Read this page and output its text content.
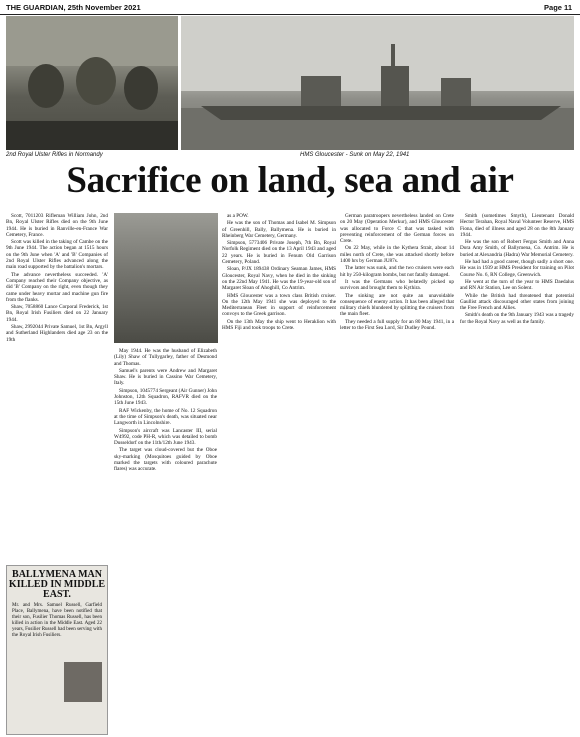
THE GUARDIAN, 25th November 2021	Page 11
2nd Royal Ulster Rifles in Normandy	HMS Gloucester - Sunk on May 22, 1941
Sacrifice on land, sea and air

Scott, 7011203 Rifleman William John, 2nd Bn, Royal Ulster Rifles died on the 9th June 1944. He is buried in Ranville-en-France War Cemetery, France.

Scott was killed in the taking of Cambe on the 9th June 1944. The action began at 1515 hours on the 9th June when 'A' and 'B' Companies of 2nd Royal Ulster Rifles advanced along the main road supported by the battalion's mortars.

The advance nevertheless succeeded. 'A' Company reached their Company objective, as did 'B' Company on the right, even though they came under heavy mortar and machine gun fire from the flanks.

Shaw, 7058860 Lance Corporal Frederick, 1st Bn, Royal Irish Fusiliers died on 22 January 1944.

Shaw, 2992044 Private Samuel, 1st Bn, Argyll and Sutherland Highlanders died age 23 on the 19th

BALLYMENA MAN KILLED IN MIDDLE EAST.
Mr. and Mrs. Samuel Russell, Garfield Place, Ballymena, have been notified that their son, Fusilier Thomas Russell, has been killed in action in the Middle East. Aged 22 years, Fusilier Russell had been serving with the Royal Irish Fusiliers.

May 1944. He was the husband of Elizabeth (Lily) Shaw of Tullygarley, father of Desmond and Thomas.

Samuel's parents were Andrew and Margaret Shaw. He is buried in Cassino War Cemetery, Italy.

Simpson, 1045774 Sergeant (Air Gunner) John Johnston, 12th Squadron, RAFVR died on the 15th June 1943.

RAF Wickenby, the home of No. 12 Squadron at the time of Simpson's death, was situated near Langworth in Lincolnshire.

Simpson's aircraft was Lancaster III, serial W4992, code PH-R, which was detailed to bomb Dusseldorf on the 11th/12th June 1943.

The target was cloud-covered but the Oboe sky-marking (Mosquitoes guided by Oboe marked the targets with coloured parachute flares) was accurate.

as a POW.

He was the son of Thomas and Isabel M. Simpson of Greenhill, Bally, Ballymena. He is buried in Rheinberg War Cemetery, Germany.

Simpson, 5773406 Private Joseph, 7th Bn, Royal Norfolk Regiment died on the 13 April 1943 and aged 22 years. He is buried in Fenum Old Garrison Cemetery, Poland.

Sloan, P/JX 189438 Ordinary Seaman James, HMS Gloucester, Royal Navy, when he died in the sinking on the 22nd May 1941. He was the 19-year-old son of Margaret Sloan of Ahoghill, Co Antrim.

HMS Gloucester was a town class British cruiser. On the 12th May 1941 she was deployed to the Mediterranean Fleet in support of reinforcement convoys to the Greek garrison.

On the 13th May the ship went to Heraklion with HMS Fiji and took troops to Crete.

German paratroopers nevertheless landed on Crete on 20 May (Operation Merkur), and HMS Gloucester was allocated to Force C that was tasked with preventing reinforcement of the German forces on Crete.

On 22 May, while in the Kythera Strait, about 14 miles north of Crete, she was attacked shortly before 1400 hrs by German JU87s.

The latter was sunk, and the two cruisers were each hit by 250-kilogram bombs, but not fatally damaged.

It was the Germans who belatedly picked up survivors and brought them to Kythira.

The sinking are not quite an unavoidable consequence of enemy action. It has been alleged that military chiefs blundered by splitting the cruisers from the main fleet.

They needed a full supply for an 80 May 1941, in a letter to the First Sea Lord, Sir Dudley Pound.

Smith (sometimes Smyth), Lieutenant Donald Hector Terahan, Royal Naval Volunteer Reserve, HMS Fiona, died of illness and aged 28 on the 8th January 1944.

He was the son of Robert Fergus Smith and Anna Dora Amy Smith, of Ballymena, Co. Antrim. He is buried at Alexandria (Hadra) War Memorial Cemetery.

He had had a good career, though sadly a short one. He was in 1939 at HMS President for training on Pilot Course No. 6, RN College, Greenwich.

He went at the turn of the year to HMS Daedalus and RN Air Station, Lee on Solent.

While the British had threatened that potential Gaullist attack discouraged other states from joining the Free French and Allies.

Smith's death on the 9th January 1943 was a tragedy for the Royal Navy as well as the family.
